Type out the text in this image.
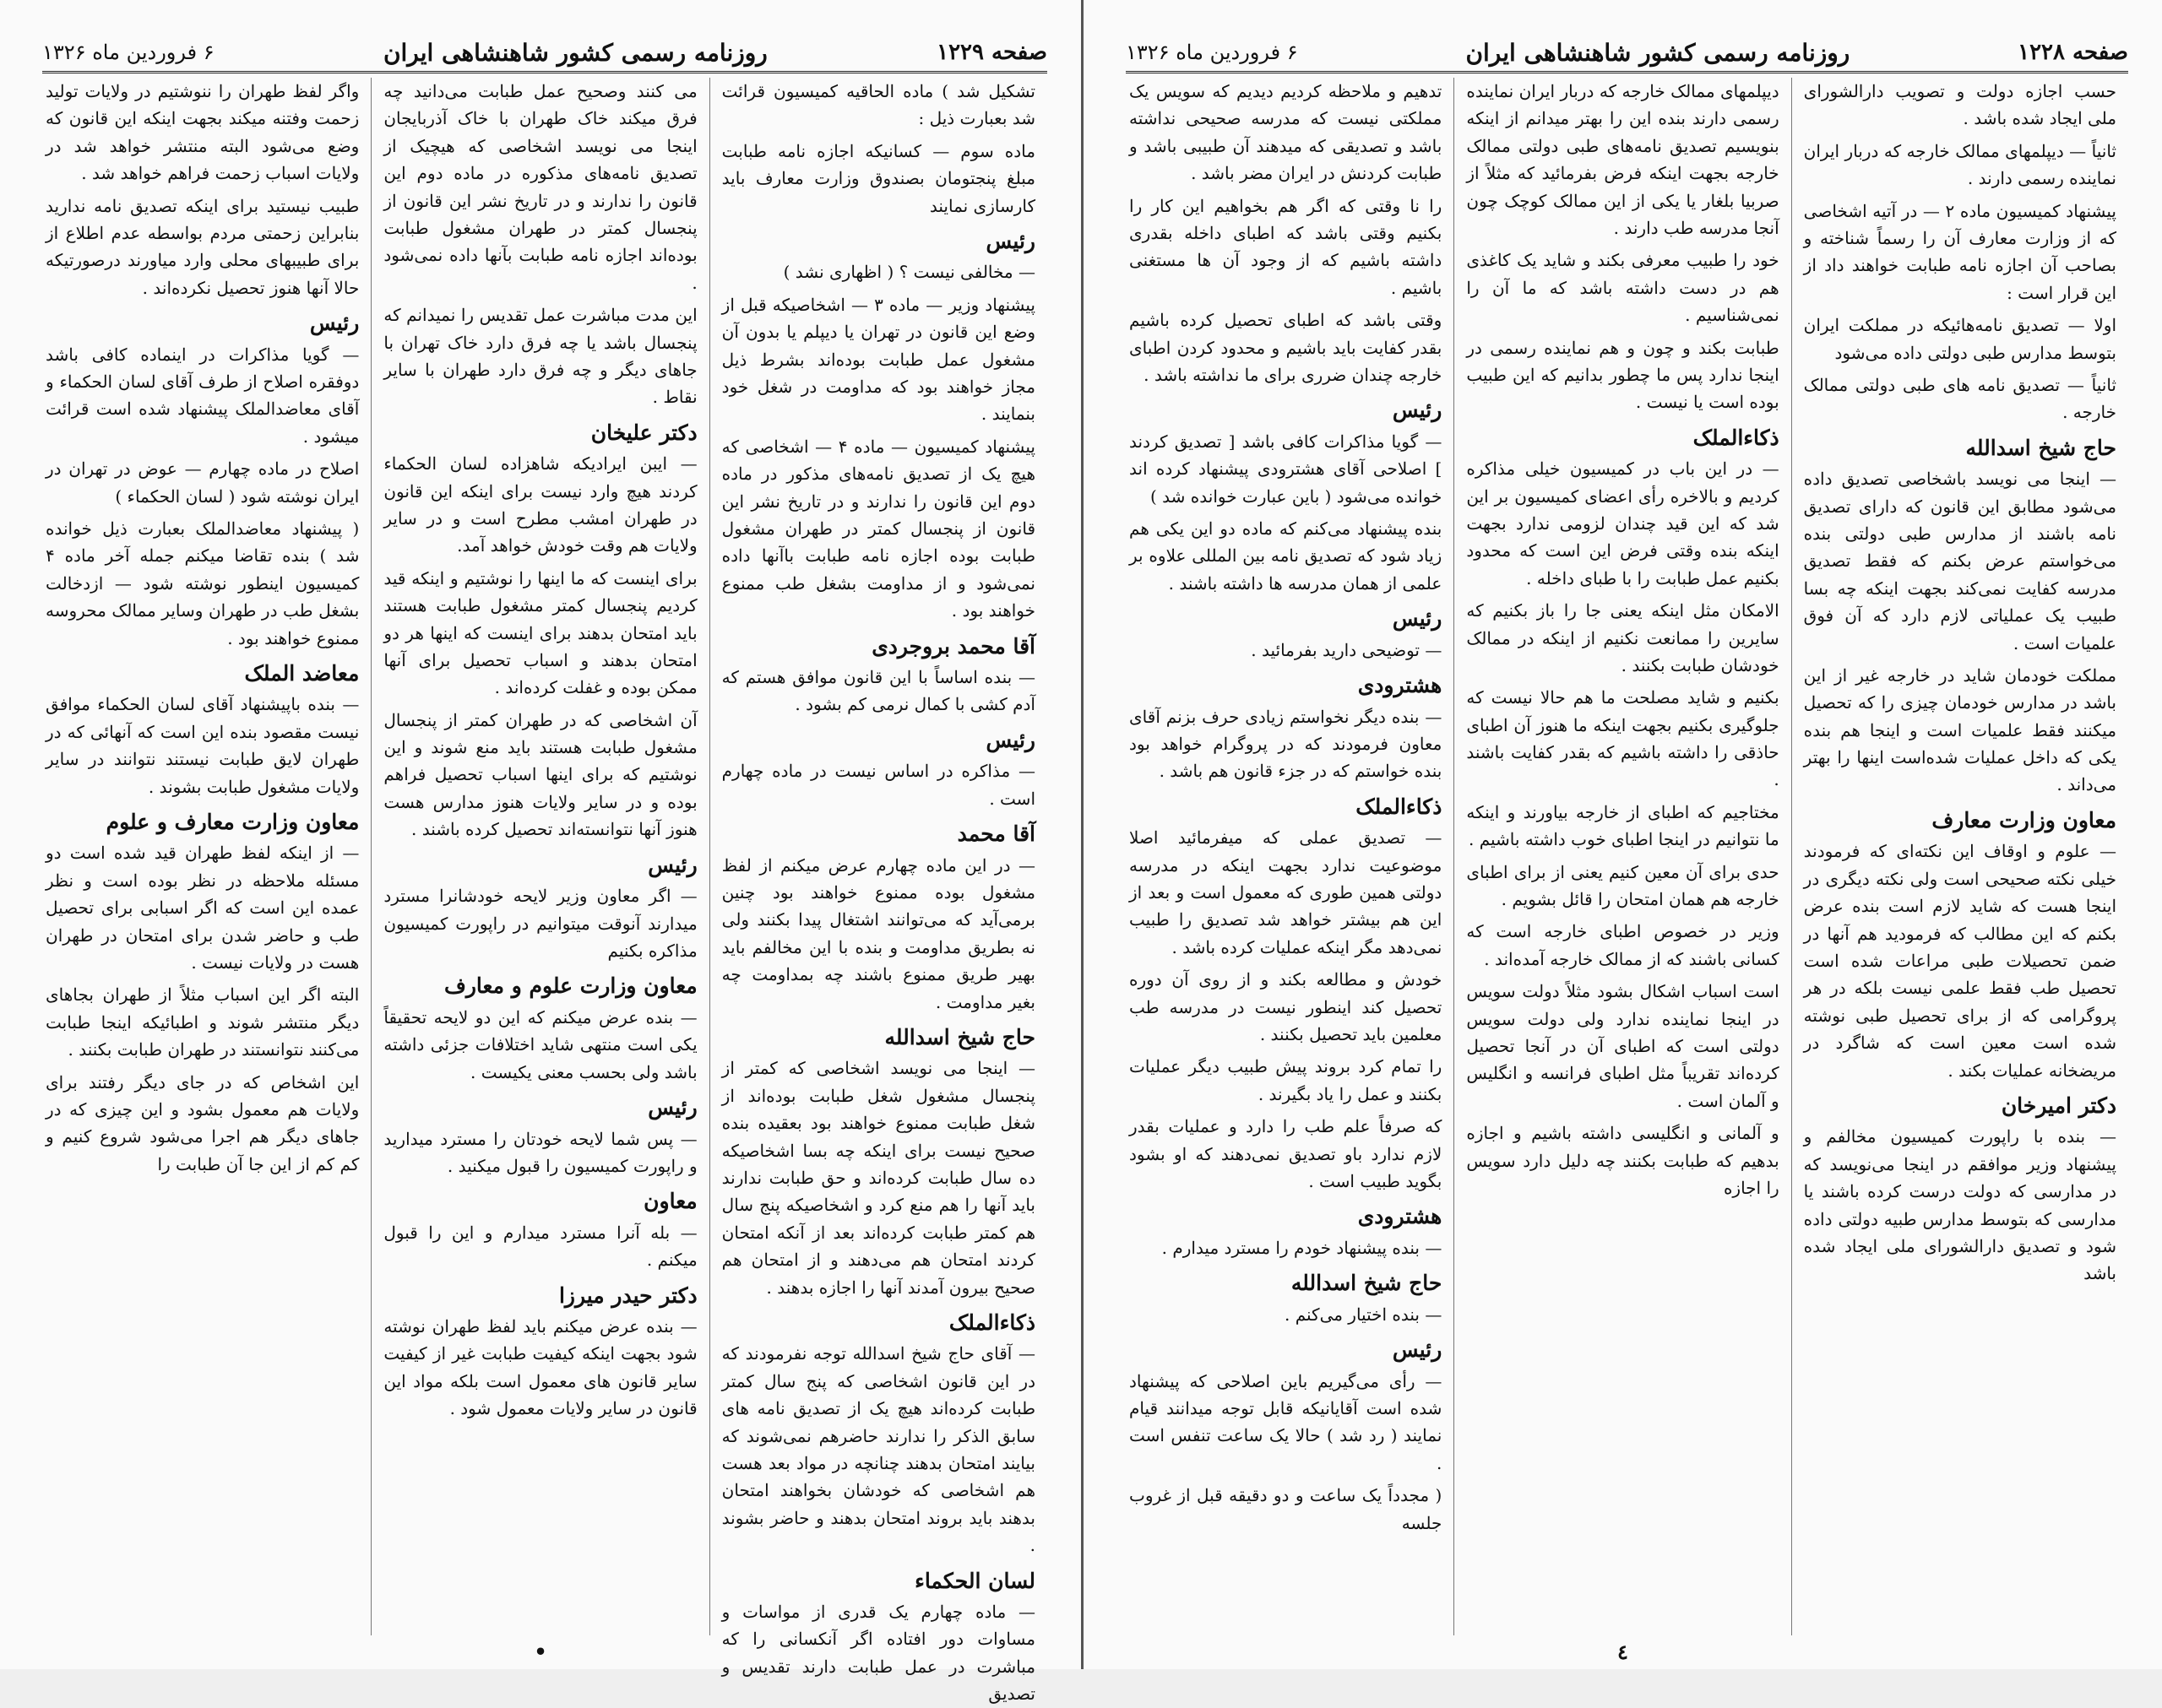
صفحه ۱۲۲۹
روزنامه رسمی کشور شاهنشاهی ایران
۶ فروردین ماه ۱۳۲۶

تشکیل شد ) ماده الحاقیه کمیسیون قرائت شد بعبارت ذیل :

ماده سوم — کسانیکه اجازه نامه طبابت مبلغ پنجتومان بصندوق وزارت معارف باید کارسازی نمایند

رئیس

— مخالفی نیست ؟ ( اظهاری نشد )

پیشنهاد وزیر — ماده ۳ — اشخاصیکه قبل از وضع این قانون در تهران یا دیپلم یا بدون آن مشغول عمل طبابت بوده‌اند بشرط ذیل مجاز خواهند بود که مداومت در شغل خود بنمایند .

پیشنهاد کمیسیون — ماده ۴ — اشخاصی که هیچ یک از تصدیق نامه‌های مذکور در ماده دوم این قانون را ندارند و در تاریخ نشر این قانون از پنجسال کمتر در طهران مشغول طبابت بوده اجازه نامه طبابت باآنها داده نمی‌شود و از مداومت بشغل طب ممنوع خواهند بود .

آقا محمد بروجردی

— بنده اساساً با این قانون موافق هستم که آدم کشی با کمال نرمی کم بشود .

رئیس

— مذاکره در اساس نیست در ماده چهارم است .

آقا محمد

— در این ماده چهارم عرض میکنم از لفظ مشغول بوده ممنوع خواهند بود چنین برمی‌آید که می‌توانند اشتغال پیدا بکنند ولی نه بطریق مداومت و بنده با این مخالفم باید بهیر طریق ممنوع باشند چه بمداومت چه بغیر مداومت .

حاج شیخ اسدالله

— اینجا می نویسد اشخاصی که کمتر از پنجسال مشغول شغل طبابت بوده‌اند از شغل طبابت ممنوع خواهند بود بعقیده بنده صحیح نیست برای اینکه چه بسا اشخاصیکه ده سال طبابت کرده‌اند و حق طبابت ندارند باید آنها را هم منع کرد و اشخاصیکه پنج سال هم کمتر طبابت کرده‌اند بعد از آنکه امتحان کردند امتحان هم می‌دهند و از امتحان هم صحیح بیرون آمدند آنها را اجازه بدهند .

ذکاءالملک

— آقای حاج شیخ اسدالله توجه نفرمودند که در این قانون اشخاصی که پنج سال کمتر طبابت کرده‌اند هیچ یک از تصدیق نامه های سابق الذکر را ندارند حاضرهم نمی‌شوند که بیایند امتحان بدهند چنانچه در مواد بعد هست هم اشخاصی که خودشان بخواهند امتحان بدهند باید بروند امتحان بدهند و حاضر بشوند .

لسان الحکماء

— ماده چهارم یک قدری از مواسات و مساوات دور افتاده اگر آنکسانی را که مباشرت در عمل طبابت دارند تقدیس و تصدیق

می کنند وصحیح عمل طبابت می‌دانید چه فرق میکند خاک طهران با خاک آذربایجان اینجا می نویسد اشخاصی که هیچیک از تصدیق نامه‌های مذکوره در ماده دوم این قانون را ندارند و در تاریخ نشر این قانون از پنجسال کمتر در طهران مشغول طبابت بوده‌اند اجازه نامه طبابت بآنها داده نمی‌شود .

این مدت مباشرت عمل تقدیس را نمیدانم که پنجسال باشد یا چه فرق دارد خاک تهران با جاهای دیگر و چه فرق دارد طهران با سایر نقاط .

دکتر علیخان

— ایبن ایرادیکه شاهزاده لسان الحکماء کردند هیچ وارد نیست برای اینکه این قانون در طهران امشب مطرح است و در سایر ولایات هم وقت خودش خواهد آمد.

برای اینست که ما اینها را نوشتیم و اینکه قید کردیم پنجسال کمتر مشغول طبابت هستند باید امتحان بدهند برای اینست که اینها هر دو امتحان بدهند و اسباب تحصیل برای آنها ممکن بوده و غفلت کرده‌اند .

آن اشخاصی که در طهران کمتر از پنجسال مشغول طبابت هستند باید منع شوند و این نوشتیم که برای اینها اسباب تحصیل فراهم بوده و در سایر ولایات هنوز مدارس هست هنوز آنها نتوانسته‌اند تحصیل کرده باشند .

رئیس

— اگر معاون وزیر لایحه خودشانرا مسترد میدارند آنوقت میتوانیم در راپورت کمیسیون مذاکره بکنیم

معاون وزارت علوم و معارف

— بنده عرض میکنم که این دو لایحه تحقیقاً یکی است منتهی شاید اختلافات جزئی داشته باشد ولی بحسب معنی یکیست .

رئیس

— پس شما لایحه خودتان را مسترد میدارید و راپورت کمیسیون را قبول میکنید .

معاون

— بله آنرا مسترد میدارم و این را قبول میکنم .

دکتر حیدر میرزا

— بنده عرض میکنم باید لفظ طهران نوشته شود بجهت اینکه کیفیت طبابت غیر از کیفیت سایر قانون های معمول است بلکه مواد این قانون در سایر ولایات معمول شود .

واگر لفظ طهران را ننوشتیم در ولایات تولید زحمت وفتنه میکند بجهت اینکه این قانون که وضع می‌شود البته منتشر خواهد شد در ولایات اسباب زحمت فراهم خواهد شد .

طبیب نیستید برای اینکه تصدیق نامه ندارید بنابراین زحمتی مردم بواسطه عدم اطلاع از برای طبیبهای محلی وارد میاورند درصورتیکه حالا آنها هنوز تحصیل نکرده‌اند .

رئیس

— گویا مذاکرات در اینماده کافی باشد دوفقره اصلاح از طرف آقای لسان الحکماء و آقای معاضدالملک پیشنهاد شده است قرائت میشود .

اصلاح در ماده چهارم — عوض در تهران در ایران نوشته شود ( لسان الحکماء )

( پیشنهاد معاضدالملک بعبارت ذیل خوانده شد ) بنده تقاضا میکنم جمله آخر ماده ۴ کمیسیون اینطور نوشته شود — ازدخالت بشغل طب در طهران وسایر ممالک محروسه ممنوع خواهند بود .

معاضد الملک

— بنده باپیشنهاد آقای لسان الحکماء موافق نیست مقصود بنده این است که آنهائی که در طهران لایق طبابت نیستند نتوانند در سایر ولایات مشغول طبابت بشوند .

معاون وزارت معارف و علوم

— از اینکه لفظ طهران قید شده است دو مسئله ملاحظه در نظر بوده است و نظر عمده این است که اگر اسبابی برای تحصیل طب و حاضر شدن برای امتحان در طهران هست در ولایات نیست .

البته اگر این اسباب مثلاً از طهران بجاهای دیگر منتشر شوند و اطبائیکه اینجا طبابت می‌کنند نتوانستند در طهران طبابت بکنند .

این اشخاص که در جای دیگر رفتند برای ولایات هم معمول بشود و این چیزی که در جاهای دیگر هم اجرا می‌شود شروع کنیم و کم کم از این جا آن طبابت را

•
صفحه ۱۲۲۸
روزنامه رسمی کشور شاهنشاهی ایران
۶ فروردین ماه ۱۳۲۶

حسب اجازه دولت و تصویب دارالشورای ملی ایجاد شده باشد .

ثانیاً — دیپلمهای ممالک خارجه که دربار ایران نماینده رسمی دارند .

پیشنهاد کمیسیون ماده ۲ — در آتیه اشخاصی که از وزارت معارف آن را رسماً شناخته و بصاحب آن اجازه نامه طبابت خواهند داد از این قرار است :

اولا — تصدیق نامه‌هائیکه در مملکت ایران بتوسط مدارس طبی دولتی داده می‌شود

ثانیاً — تصدیق نامه های طبی دولتی ممالک خارجه .

حاج شیخ اسدالله

— اینجا می نویسد باشخاصی تصدیق داده می‌شود مطابق این قانون که دارای تصدیق نامه باشند از مدارس طبی دولتی بنده می‌خواستم عرض بکنم که فقط تصدیق مدرسه کفایت نمی‌کند بجهت اینکه چه بسا طبیب یک عملیاتی لازم دارد که آن فوق علمیات است .

مملکت خودمان شاید در خارجه غیر از این باشد در مدارس خودمان چیزی را که تحصیل میکنند فقط علمیات است و اینجا هم بنده یکی که داخل عملیات شده‌است اینها را بهتر می‌داند .

معاون وزارت معارف

— علوم و اوقاف این نکته‌ای که فرمودند خیلی نکته صحیحی است ولی نکته دیگری در اینجا هست که شاید لازم است بنده عرض بکنم که این مطالب که فرمودید هم آنها در ضمن تحصیلات طبی مراعات شده است تحصیل طب فقط علمی نیست بلکه در هر پروگرامی که از برای تحصیل طبی نوشته شده است معین است که شاگرد در مریضخانه عملیات بکند .

دکتر امیرخان

— بنده با راپورت کمیسیون مخالفم و پیشنهاد وزیر موافقم در اینجا می‌نویسد که در مدارسی که دولت درست کرده باشند یا مدارسی که بتوسط مدارس طبیه دولتی داده شود و تصدیق دارالشورای ملی ایجاد شده باشد

دیپلمهای ممالک خارجه که دربار ایران نماینده رسمی دارند بنده این را بهتر میدانم از اینکه بنویسیم تصدیق نامه‌های طبی دولتی ممالک خارجه بجهت اینکه فرض بفرمائید که مثلاً از صربیا بلغار یا یکی از این ممالک کوچک چون آنجا مدرسه طب دارند .

خود را طبیب معرفی بکند و شاید یک کاغذی هم در دست داشته باشد که ما آن را نمی‌شناسیم .

طبابت بکند و چون و هم نماینده رسمی در اینجا ندارد پس ما چطور بدانیم که این طبیب بوده است یا نیست .

ذکاءالملک

— در این باب در کمیسیون خیلی مذاکره کردیم و بالاخره رأی اعضای کمیسیون بر این شد که این قید چندان لزومی ندارد بجهت اینکه بنده وقتی فرض این است که محدود بکنیم عمل طبابت را با طبای داخله .

الامکان مثل اینکه یعنی جا را باز بکنیم که سایرین را ممانعت نکنیم از اینکه در ممالک خودشان طبابت بکنند .

بکنیم و شاید مصلحت ما هم حالا نیست که جلوگیری بکنیم بجهت اینکه ما هنوز آن اطبای حاذقی را داشته باشیم که بقدر کفایت باشند .

مختاجیم که اطبای از خارجه بیاورند و اینکه ما نتوانیم در اینجا اطبای خوب داشته باشیم .

حدی برای آن معین کنیم یعنی از برای اطبای خارجه هم همان امتحان را قائل بشویم .

وزیر در خصوص اطبای خارجه است که کسانی باشند که از ممالک خارجه آمده‌اند .

است اسباب اشکال بشود مثلاً دولت سویس در اینجا نماینده ندارد ولی دولت سویس دولتی است که اطبای آن در آنجا تحصیل کرده‌اند تقریباً مثل اطبای فرانسه و انگلیس و آلمان است .

و آلمانی و انگلیسی داشته باشیم و اجازه بدهیم که طبابت بکنند چه دلیل دارد سویس را اجازه

تدهیم و ملاحظه کردیم دیدیم که سویس یک مملکتی نیست که مدرسه صحیحی نداشته باشد و تصدیقی که میدهند آن طبیبی باشد و طبابت کردنش در ایران مضر باشد .

را نا وقتی که اگر هم بخواهیم این کار را بکنیم وقتی باشد که اطبای داخله بقدری داشته باشیم که از وجود آن ها مستغنی باشیم .

وقتی باشد که اطبای تحصیل کرده باشیم بقدر کفایت باید باشیم و محدود کردن اطبای خارجه چندان ضرری برای ما نداشته باشد .

رئیس

— گویا مذاکرات کافی باشد [ تصدیق کردند ] اصلاحی آقای هشترودی پیشنهاد کرده اند خوانده می‌شود ( باین عبارت خوانده شد )

بنده پیشنهاد می‌کنم که ماده دو این یکی هم زیاد شود که تصدیق نامه بین المللی علاوه بر علمی از همان مدرسه ها داشته باشند .

رئیس

— توضیحی دارید بفرمائید .

هشترودی

— بنده دیگر نخواستم زیادی حرف بزنم آقای معاون فرمودند که در پروگرام خواهد بود بنده خواستم که در جزء قانون هم باشد .

ذکاءالملک

— تصدیق عملی که میفرمائید اصلا موضوعیت ندارد بجهت اینکه در مدرسه دولتی همین طوری که معمول است و بعد از این هم بیشتر خواهد شد تصدیق را طبیب نمی‌دهد مگر اینکه عملیات کرده باشد .

خودش و مطالعه بکند و از روی آن دوره تحصیل کند اینطور نیست در مدرسه طب معلمین باید تحصیل بکنند .

را تمام کرد بروند پیش طبیب دیگر عملیات بکنند و عمل را یاد بگیرند .

که صرفاً علم طب را دارد و عملیات بقدر لازم ندارد باو تصدیق نمی‌دهند که او بشود بگوید طبیب است .

هشترودی

— بنده پیشنهاد خودم را مسترد میدارم .

حاج شیخ اسدالله

— بنده اختیار می‌کنم .

رئیس

— رأی می‌گیریم باین اصلاحی که پیشنهاد شده است آقایانیکه قابل توجه میدانند قیام نمایند ( رد شد ) حالا یک ساعت تنفس است .

( مجدداً یک ساعت و دو دقیقه قبل از غروب جلسه

٤
